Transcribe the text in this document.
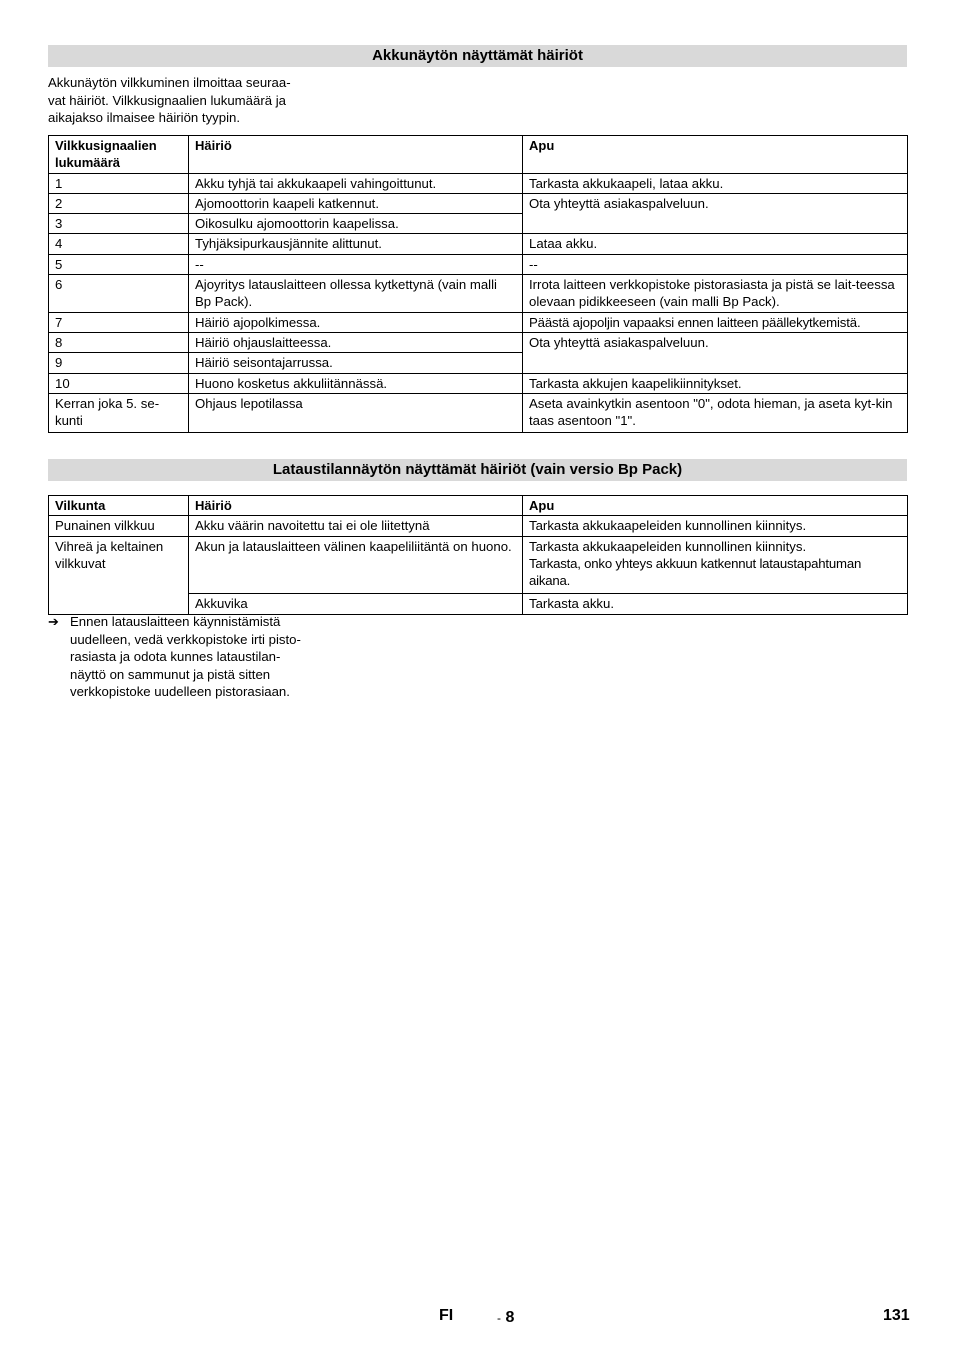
Akkunäytön näyttämät häiriöt
Akkunäytön vilkkuminen ilmoittaa seuraa-
vat häiriöt. Vilkkusignaalien lukumäärä ja
aikajakso ilmaisee häiriön tyypin.
Vilkkusignaalien
lukumäärä	Häiriö	Apu
1	Akku tyhjä tai akkukaapeli vahingoittunut.	Tarkasta akkukaapeli, lataa akku.
2	Ajomoottorin kaapeli katkennut.	Ota yhteyttä asiakaspalveluun.
3	Oikosulku ajomoottorin kaapelissa.	
4	Tyhjäksipurkausjännite alittunut.	Lataa akku.
5	--	--
6	Ajoyritys latauslaitteen ollessa kytkettynä (vain malli Bp Pack).	Irrota laitteen verkkopistoke pistorasiasta ja pistä se lait-teessa olevaan pidikkeeseen (vain malli Bp Pack).
7	Häiriö ajopolkimessa.	Päästä ajopoljin vapaaksi ennen laitteen päällekytkemistä.
8	Häiriö ohjauslaitteessa.	Ota yhteyttä asiakaspalveluun.
9	Häiriö seisontajarrussa.	
10	Huono kosketus akkuliitännässä.	Tarkasta akkujen kaapelikiinnitykset.
Kerran joka 5. se-kunti	Ohjaus lepotilassa	Aseta avainkytkin asentoon "0", odota hieman, ja aseta kyt-kin taas asentoon "1".
Lataustilannäytön näyttämät häiriöt (vain versio Bp Pack)
Vilkunta	Häiriö	Apu
Punainen vilkkuu	Akku väärin navoitettu tai ei ole liitettynä	Tarkasta akkukaapeleiden kunnollinen kiinnitys.
Vihreä ja keltainen vilkkuvat	Akun ja latauslaitteen välinen kaapeliliitäntä on huono.	Tarkasta akkukaapeleiden kunnollinen kiinnitys.
Tarkasta, onko yhteys akkuun katkennut lataustapahtuman aikana.

	Akkuvika	Tarkasta akku.
➔ Ennen latauslaitteen käynnistämistä
uudelleen, vedä verkkopistoke irti pisto-
rasiasta ja odota kunnes lataustilan-
näyttö on sammunut ja pistä sitten
verkkopistoke uudelleen pistorasiaan.
FI	- 8	131
